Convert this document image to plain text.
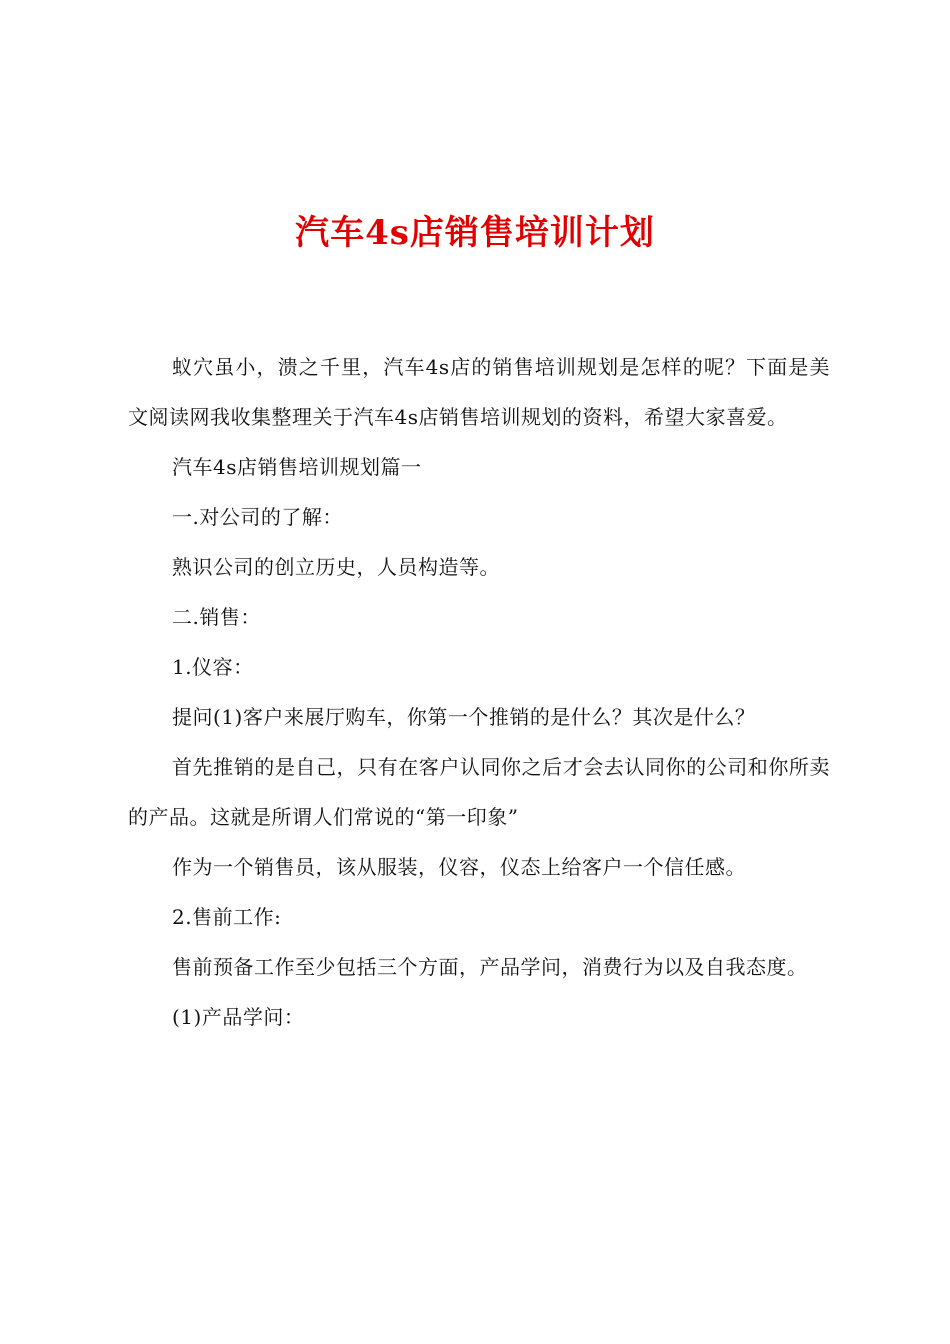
汽车4s店销售培训计划

蚁穴虽小，溃之千里，汽车4s店的销售培训规划是怎样的呢？下面是美文阅读网我收集整理关于汽车4s店销售培训规划的资料，希望大家喜爱。

汽车4s店销售培训规划篇一

一.对公司的了解：

熟识公司的创立历史，人员构造等。

二.销售：

1.仪容：

提问(1)客户来展厅购车，你第一个推销的是什么？其次是什么？

首先推销的是自己，只有在客户认同你之后才会去认同你的公司和你所卖的产品。这就是所谓人们常说的“第一印象”

作为一个销售员，该从服装，仪容，仪态上给客户一个信任感。

2.售前工作:

售前预备工作至少包括三个方面，产品学问，消费行为以及自我态度。

(1)产品学问：
